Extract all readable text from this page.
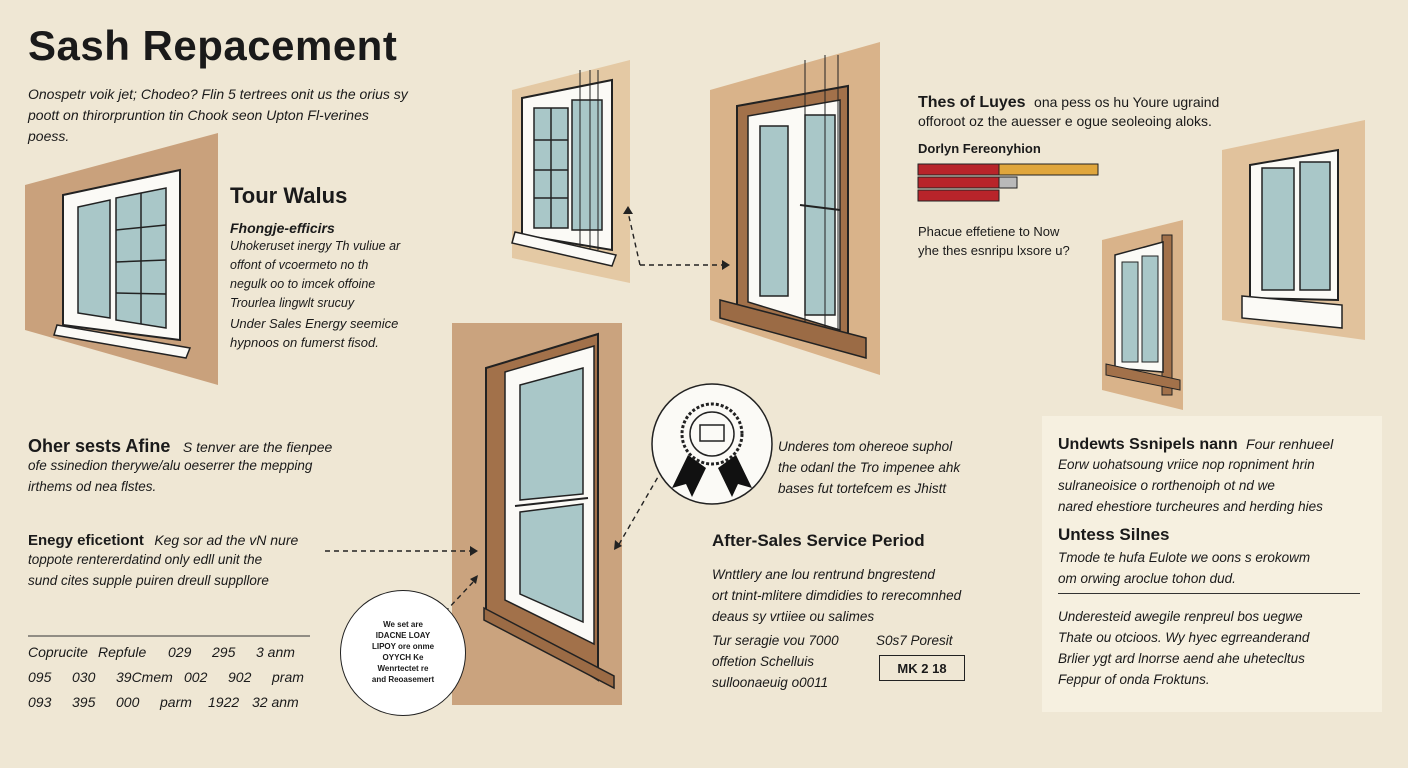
Sash Repacement
Onospetr voik jet; Chodeo? Flin 5 tertrees onit us the orius sy
poott on thirorpruntion tin Chook seon Upton Fl-verines
poess.
Tour Walus
Fhongje-efficirs
Uhokeruset inergy Th vuliue ar
offont of vcoermeto no th
negulk oo to imcek offoine
Trourlea lingwlt srucuy
Under Sales Energy seemice
hypnoos on fumerst fisod.
Oher sests Afine S tenver are the fienpee
ofe ssinedion therywe/alu oeserrer the mepping
irthems od nea flstes.
Enegy eficetiont Keg sor ad the vN nure
toppote rentererdatind only edll unit the
sund cites supple puiren dreull suppllore
Coprucite Repfule	029	295	3 anm
095	030	39Cmem 002	902	pram
093	395	000	parm	1922 32 anm
We set are
IDACNE LOAY
LIPOY ore onme
OYYCH Ke
Wenrtectet re
and Reoasemert
Thes of Luyes ona pess os hu Youre ugraind
offoroot oz the auesser e ogue seoleoing aloks.
Dorlyn Fereonyhion
Phacue effetiene to Now
yhe thes esnripu lxsore u?
Underes tom ohereoe suphol
the odanl the Tro impenee ahk
bases fut tortefcem es Jhistt
After-Sales Service Period
Wnttlery ane lou rentrund bngrestend
ort tnint-mlitere dimdidies to rerecomnhed
deaus sy vrtiiee ou salimes
Tur seragie vou 7000
offetion Schelluis
sulloonaeuig o0011
S0s7 Poresit
MK 2 18
Undewts Ssnipels nann Four renhueel
Eorw uohatsoung vriice nop ropniment hrin
sulraneoisice o rorthenoiph ot nd we
nared ehestiore turcheures and herding hies
Untess Silnes
Tmode te hufa Eulote we oons s erokowm
om orwing aroclue tohon dud.
Underesteid awegile renpreul bos uegwe
Thate ou otcioos. Wy hyec egrreanderand
Brlier ygt ard lnorrse aend ahe uhetecltus
Feppur of onda Froktuns.
